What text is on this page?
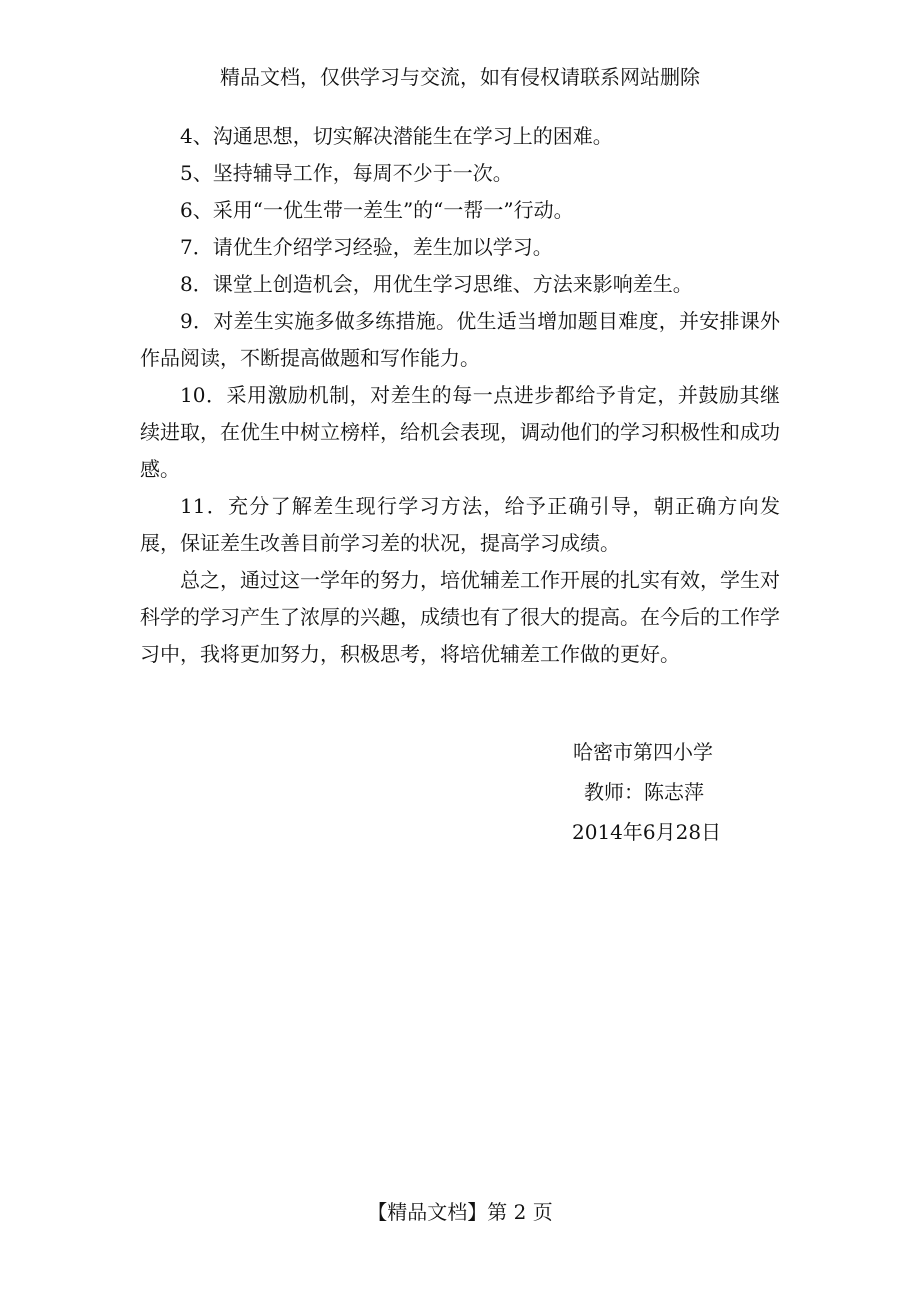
精品文档，仅供学习与交流，如有侵权请联系网站删除

4、沟通思想，切实解决潜能生在学习上的困难。

5、坚持辅导工作，每周不少于一次。

6、采用“一优生带一差生”的“一帮一”行动。

7．请优生介绍学习经验，差生加以学习。

8．课堂上创造机会，用优生学习思维、方法来影响差生。

9．对差生实施多做多练措施。优生适当增加题目难度，并安排课外作品阅读，不断提高做题和写作能力。

10．采用激励机制，对差生的每一点进步都给予肯定，并鼓励其继续进取，在优生中树立榜样，给机会表现，调动他们的学习积极性和成功感。

11．充分了解差生现行学习方法，给予正确引导，朝正确方向发展，保证差生改善目前学习差的状况，提高学习成绩。

总之，通过这一学年的努力，培优辅差工作开展的扎实有效，学生对科学的学习产生了浓厚的兴趣，成绩也有了很大的提高。在今后的工作学习中，我将更加努力，积极思考，将培优辅差工作做的更好。

哈密市第四小学
教师：陈志萍
2014年6月28日
【精品文档】第 2 页
